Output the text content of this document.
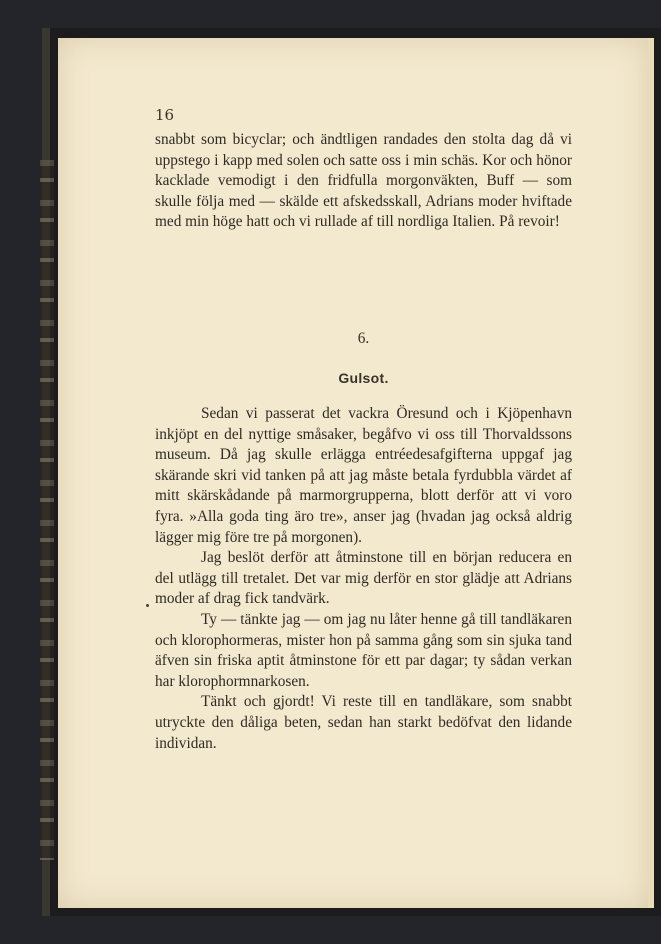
16

snabbt som bicyclar; och ändtligen randades den stolta dag då vi uppstego i kapp med solen och satte oss i min schäs. Kor och hönor kacklade vemodigt i den fridfulla morgonväkten, Buff — som skulle följa med — skälde ett afskedsskall, Adrians moder hviftade med min höge hatt och vi rullade af till nordliga Italien. På revoir!

6.
Gulsot.

Sedan vi passerat det vackra Öresund och i Kjöpenhavn inkjöpt en del nyttige småsaker, begåfvo vi oss till Thorvaldssons museum. Då jag skulle erlägga entréedesafgifterna uppgaf jag skärande skri vid tanken på att jag måste betala fyrdubbla värdet af mitt skärskådande på marmorgrupperna, blott derför att vi voro fyra. »Alla goda ting äro tre», anser jag (hvadan jag också aldrig lägger mig före tre på morgonen).

Jag beslöt derför att åtminstone till en början reducera en del utlägg till tretalet. Det var mig derför en stor glädje att Adrians moder af drag fick tandvärk.

Ty — tänkte jag — om jag nu låter henne gå till tandläkaren och klorophormeras, mister hon på samma gång som sin sjuka tand äfven sin friska aptit åtminstone för ett par dagar; ty sådan verkan har klorophormnarkosen.

Tänkt och gjordt! Vi reste till en tandläkare, som snabbt utryckte den dåliga beten, sedan han starkt bedöfvat den lidande individan.
